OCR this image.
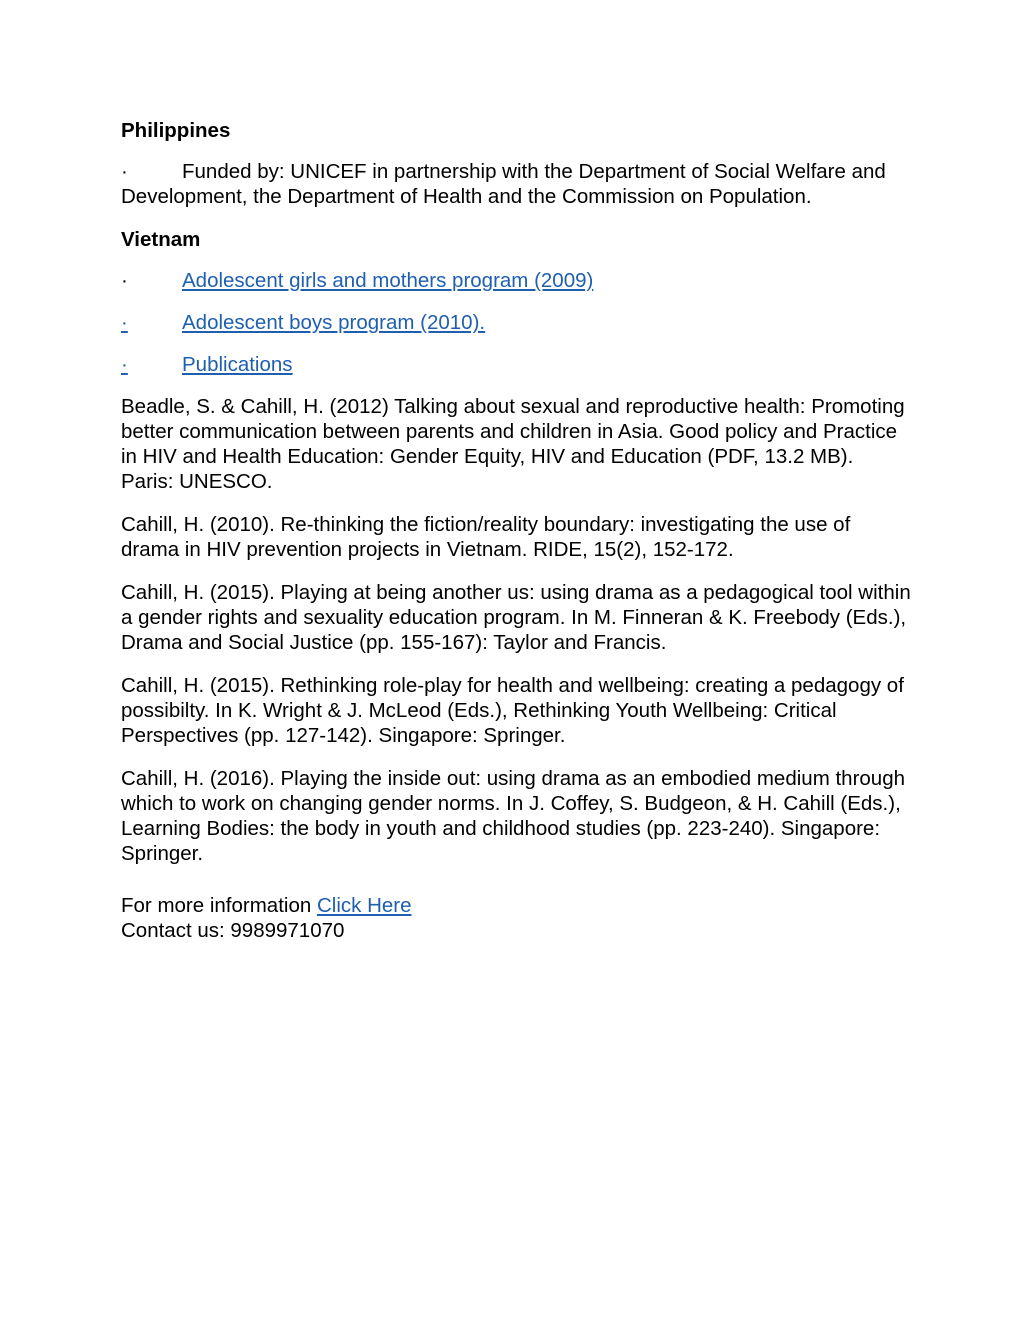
Philippines
·	Funded by: UNICEF in partnership with the Department of Social Welfare and Development, the Department of Health and the Commission on Population.
Vietnam
·	Adolescent girls and mothers program (2009)
·	Adolescent boys program (2010).
·	Publications
Beadle, S. & Cahill, H. (2012) Talking about sexual and reproductive health: Promoting better communication between parents and children in Asia. Good policy and Practice in HIV and Health Education: Gender Equity, HIV and Education (PDF, 13.2 MB). Paris: UNESCO.
Cahill, H. (2010). Re-thinking the fiction/reality boundary: investigating the use of drama in HIV prevention projects in Vietnam. RIDE, 15(2), 152-172.
Cahill, H. (2015). Playing at being another us: using drama as a pedagogical tool within a gender rights and sexuality education program. In M. Finneran & K. Freebody (Eds.), Drama and Social Justice (pp. 155-167): Taylor and Francis.
Cahill, H. (2015). Rethinking role-play for health and wellbeing: creating a pedagogy of possibilty. In K. Wright & J. McLeod (Eds.), Rethinking Youth Wellbeing: Critical Perspectives (pp. 127-142). Singapore: Springer.
Cahill, H. (2016). Playing the inside out: using drama as an embodied medium through which to work on changing gender norms. In J. Coffey, S. Budgeon, & H. Cahill (Eds.), Learning Bodies: the body in youth and childhood studies (pp. 223-240). Singapore: Springer.
For more information Click Here
Contact us: 9989971070
